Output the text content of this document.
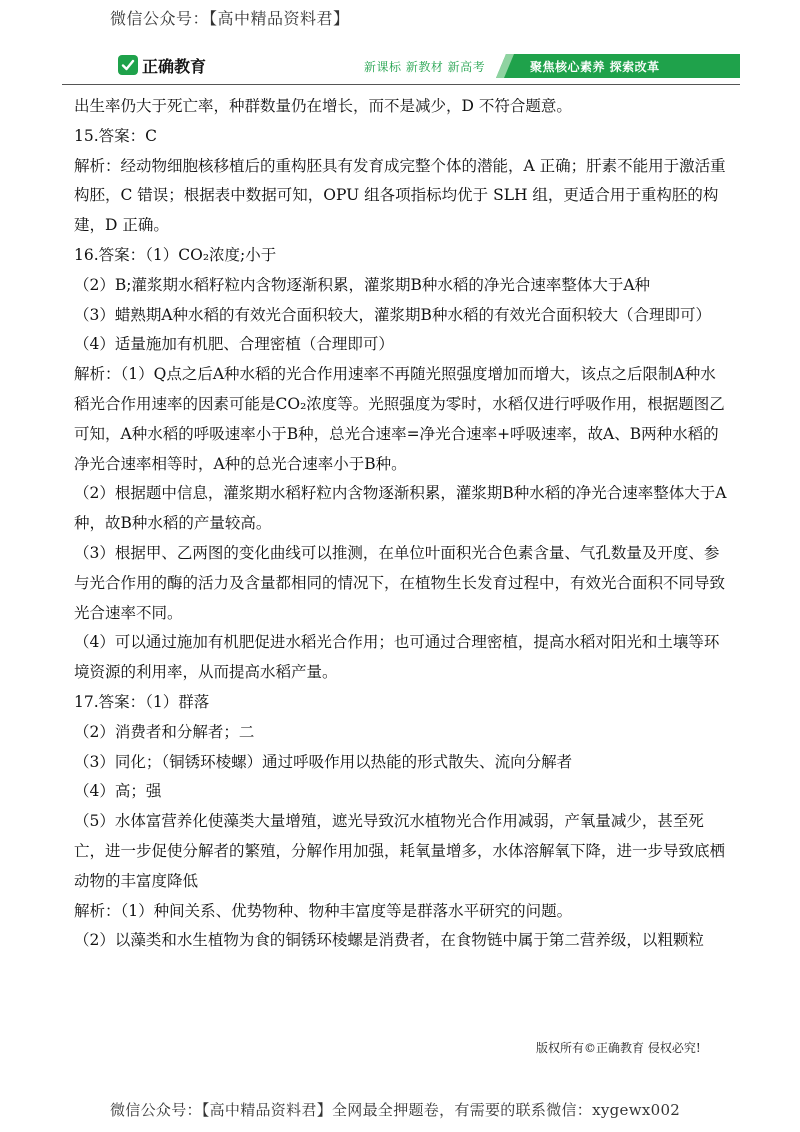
微信公众号：【高中精品资料君】
正确教育	新课标 新教材 新高考	聚焦核心素养 探索改革

出生率仍大于死亡率，种群数量仍在增长，而不是减少，D 不符合题意。

15.答案：C

解析：经动物细胞核移植后的重构胚具有发育成完整个体的潜能，A 正确；肝素不能用于激活重构胚，C 错误；根据表中数据可知，OPU 组各项指标均优于 SLH 组，更适合用于重构胚的构建，D 正确。

16.答案：（1）CO₂浓度;小于

（2）B;灌浆期水稻籽粒内含物逐渐积累，灌浆期B种水稻的净光合速率整体大于A种

（3）蜡熟期A种水稻的有效光合面积较大，灌浆期B种水稻的有效光合面积较大（合理即可）

（4）适量施加有机肥、合理密植（合理即可）

解析：（1）Q点之后A种水稻的光合作用速率不再随光照强度增加而增大，该点之后限制A种水稻光合作用速率的因素可能是CO₂浓度等。光照强度为零时，水稻仅进行呼吸作用，根据题图乙可知，A种水稻的呼吸速率小于B种，总光合速率=净光合速率+呼吸速率，故A、B两种水稻的净光合速率相等时，A种的总光合速率小于B种。

（2）根据题中信息，灌浆期水稻籽粒内含物逐渐积累，灌浆期B种水稻的净光合速率整体大于A种，故B种水稻的产量较高。

（3）根据甲、乙两图的变化曲线可以推测，在单位叶面积光合色素含量、气孔数量及开度、参与光合作用的酶的活力及含量都相同的情况下，在植物生长发育过程中，有效光合面积不同导致光合速率不同。

（4）可以通过施加有机肥促进水稻光合作用；也可通过合理密植，提高水稻对阳光和土壤等环境资源的利用率，从而提高水稻产量。

17.答案：（1）群落

（2）消费者和分解者；二

（3）同化；（铜锈环棱螺）通过呼吸作用以热能的形式散失、流向分解者

（4）高；强

（5）水体富营养化使藻类大量增殖，遮光导致沉水植物光合作用减弱，产氧量减少，甚至死亡，进一步促使分解者的繁殖，分解作用加强，耗氧量增多，水体溶解氧下降，进一步导致底栖动物的丰富度降低

解析：（1）种间关系、优势物种、物种丰富度等是群落水平研究的问题。

（2）以藻类和水生植物为食的铜锈环棱螺是消费者，在食物链中属于第二营养级，以粗颗粒

版权所有©正确教育 侵权必究!
微信公众号：【高中精品资料君】全网最全押题卷，有需要的联系微信：xygewx002
